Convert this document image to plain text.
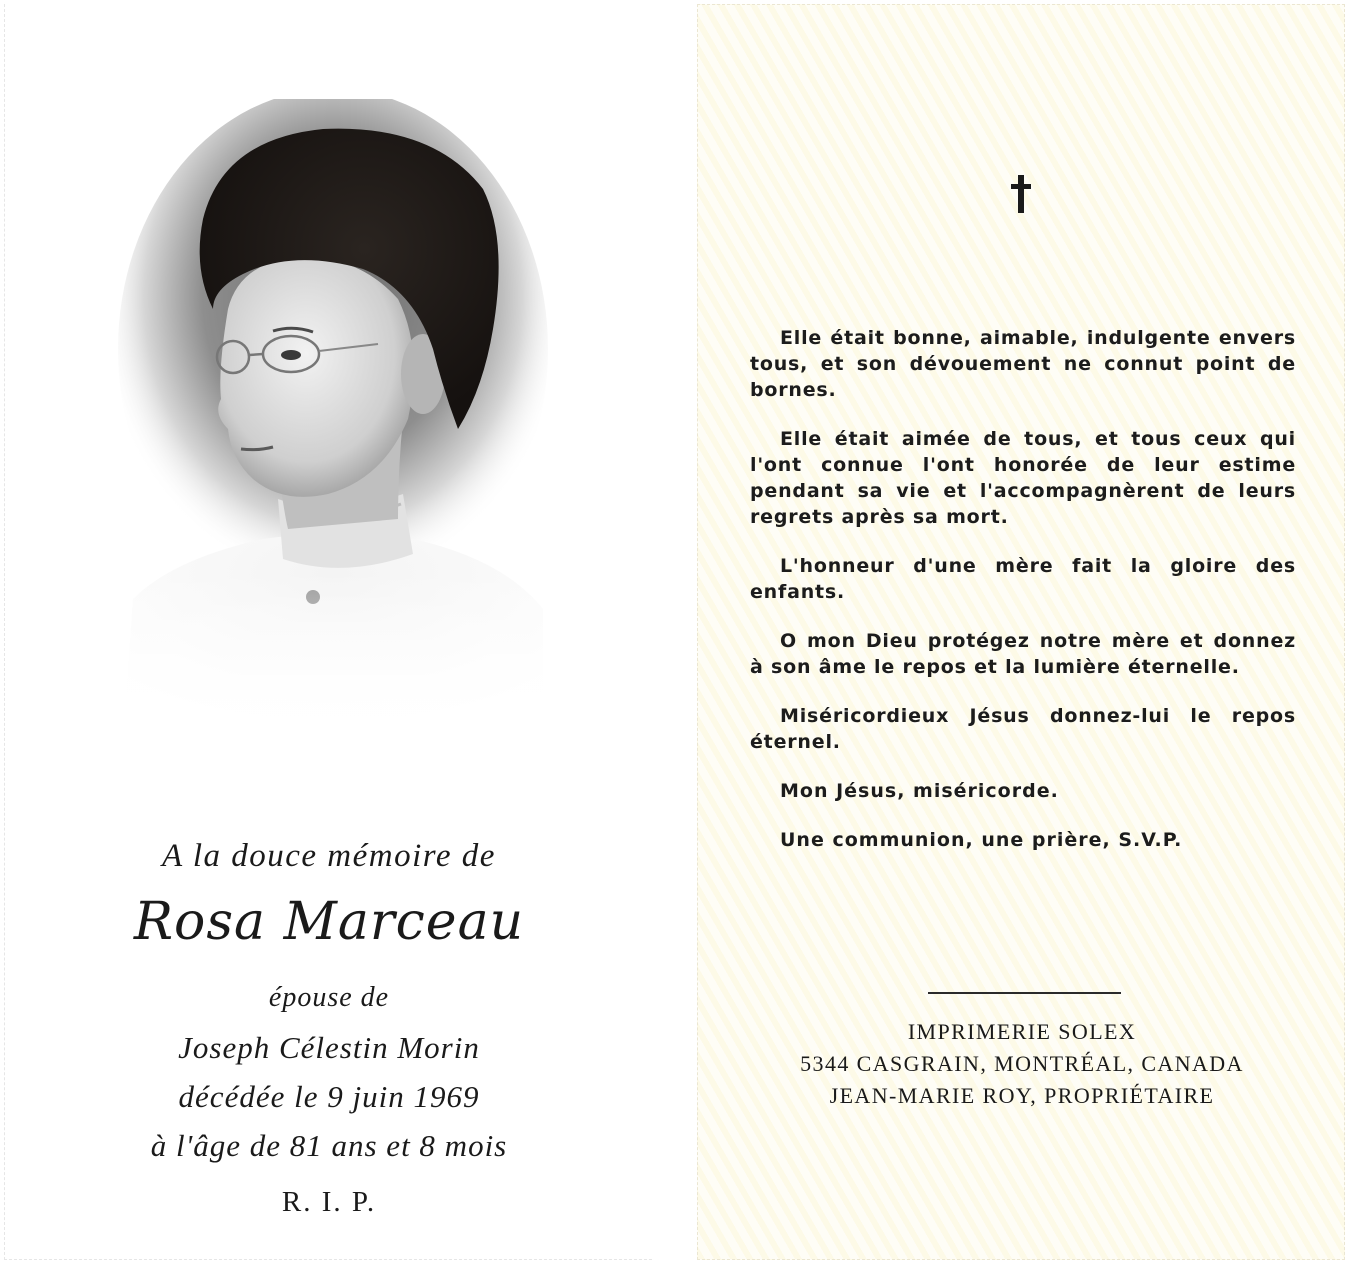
A la douce mémoire de
Rosa Marceau
épouse de
Joseph Célestin Morin
décédée le 9 juin 1969
à l'âge de 81 ans et 8 mois
R. I. P.

Elle était bonne, aimable, indulgente envers tous, et son dévouement ne connut point de bornes.

Elle était aimée de tous, et tous ceux qui l'ont connue l'ont honorée de leur estime pendant sa vie et l'accompagnèrent de leurs regrets après sa mort.

L'honneur d'une mère fait la gloire des enfants.

O mon Dieu protégez notre mère et donnez à son âme le repos et la lumière éternelle.

Miséricordieux Jésus donnez-lui le repos éternel.

Mon Jésus, miséricorde.

Une communion, une prière, S.V.P.

IMPRIMERIE SOLEX
5344 CASGRAIN, MONTRÉAL, CANADA
JEAN-MARIE ROY, PROPRIÉTAIRE
